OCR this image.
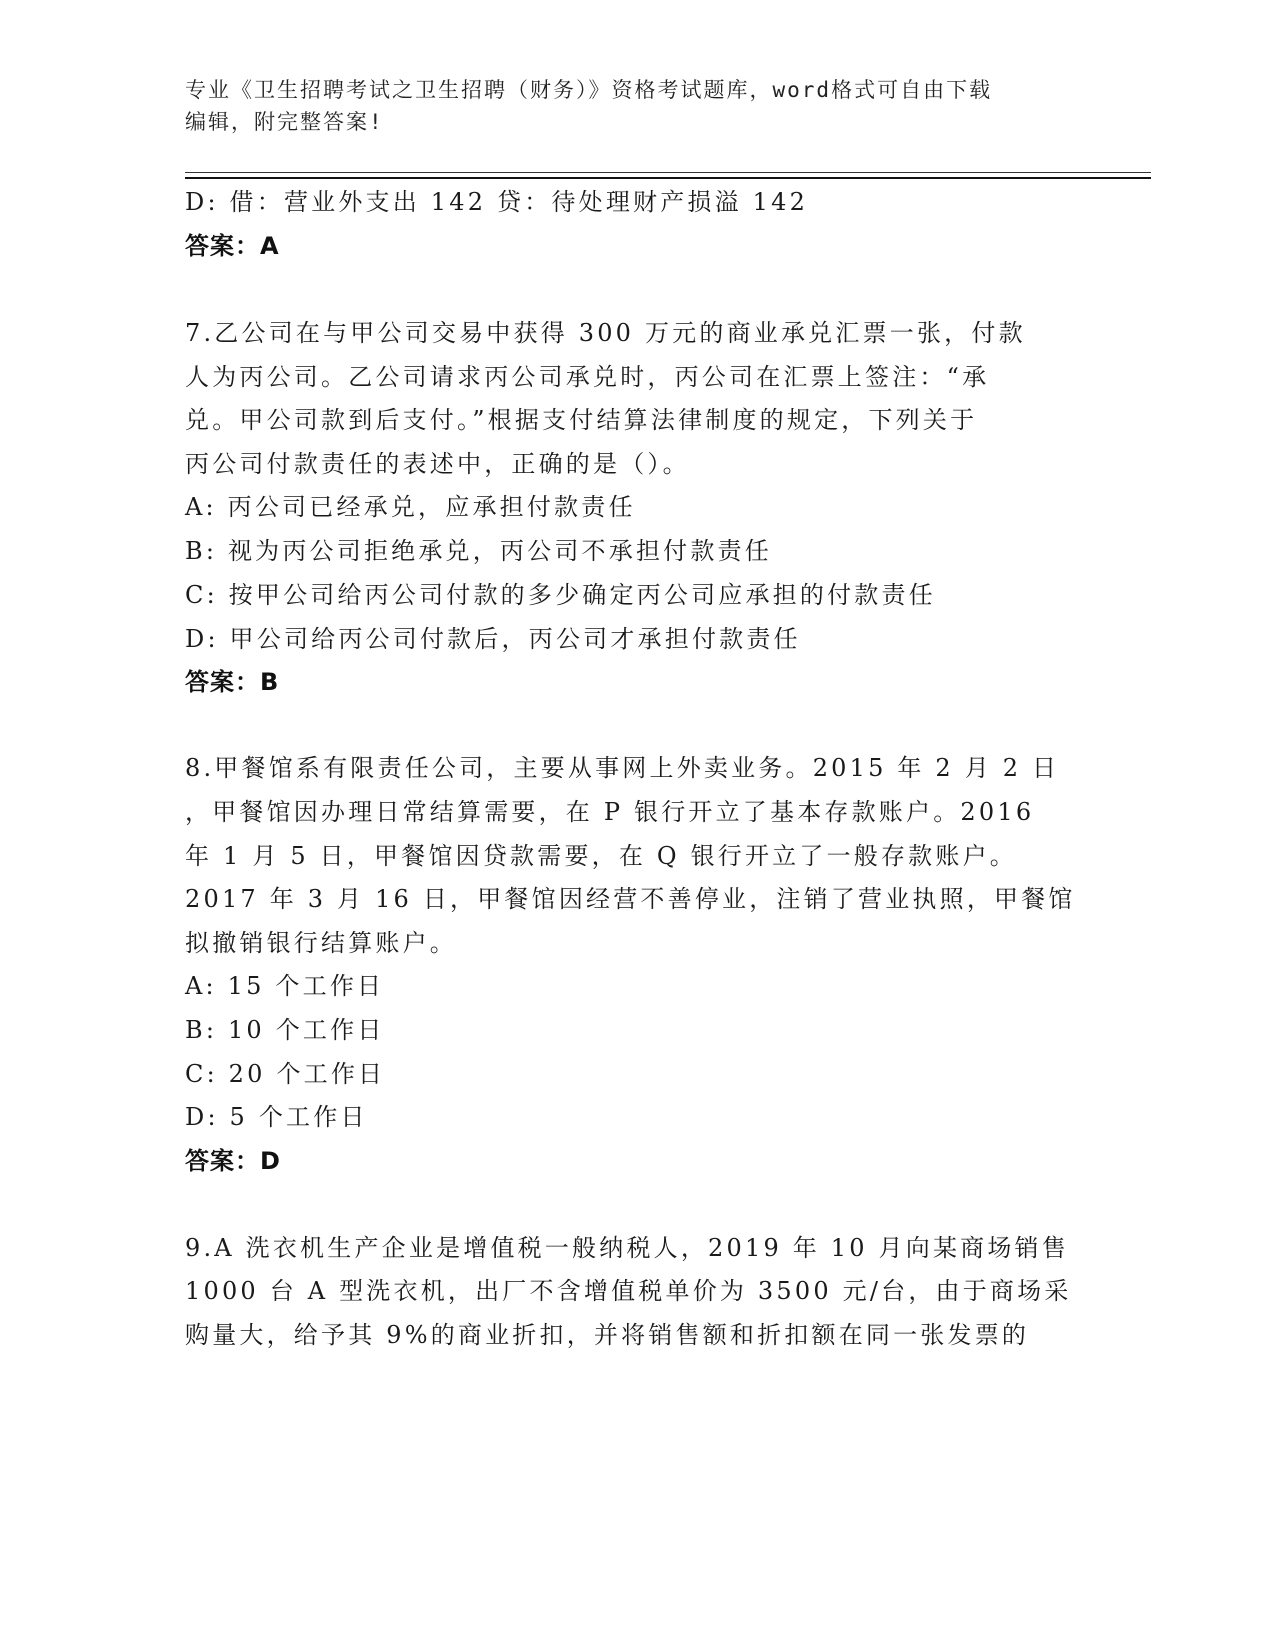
专业《卫生招聘考试之卫生招聘（财务）》资格考试题库，word格式可自由下载
编辑，附完整答案!
D: 借：营业外支出 142 贷：待处理财产损溢 142
答案：A
7.乙公司在与甲公司交易中获得 300 万元的商业承兑汇票一张，付款
人为丙公司。乙公司请求丙公司承兑时，丙公司在汇票上签注：“承
兑。甲公司款到后支付。”根据支付结算法律制度的规定，下列关于
丙公司付款责任的表述中，正确的是（）。
A: 丙公司已经承兑，应承担付款责任
B: 视为丙公司拒绝承兑，丙公司不承担付款责任
C: 按甲公司给丙公司付款的多少确定丙公司应承担的付款责任
D: 甲公司给丙公司付款后，丙公司才承担付款责任
答案：B
8.甲餐馆系有限责任公司，主要从事网上外卖业务。2015 年 2 月 2 日
，甲餐馆因办理日常结算需要，在 P 银行开立了基本存款账户。2016
年 1 月 5 日，甲餐馆因贷款需要，在 Q 银行开立了一般存款账户。
2017 年 3 月 16 日，甲餐馆因经营不善停业，注销了营业执照，甲餐馆
拟撤销银行结算账户。
A: 15 个工作日
B: 10 个工作日
C: 20 个工作日
D: 5 个工作日
答案：D
9.A 洗衣机生产企业是增值税一般纳税人，2019 年 10 月向某商场销售
1000 台 A 型洗衣机，出厂不含增值税单价为 3500 元/台，由于商场采
购量大，给予其 9%的商业折扣，并将销售额和折扣额在同一张发票的
